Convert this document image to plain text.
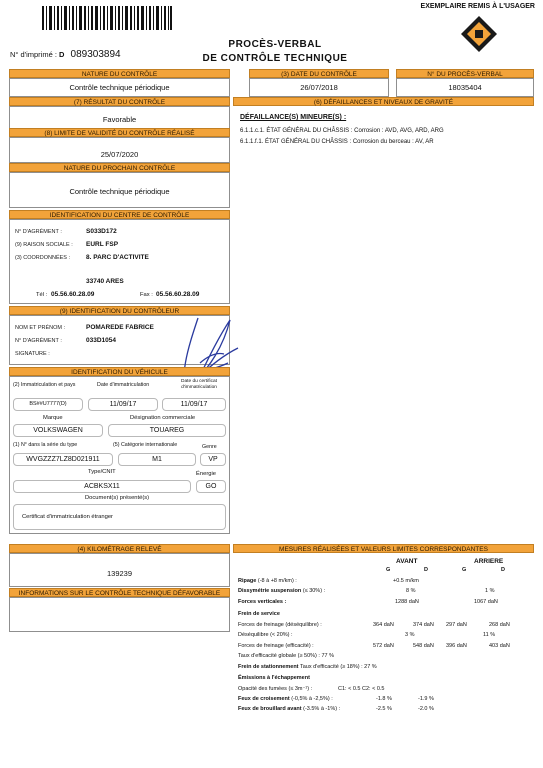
EXEMPLAIRE REMIS À L'USAGER
N° d'imprimé : D 089303894
PROCÈS-VERBAL
DE CONTRÔLE TECHNIQUE
NATURE DU CONTRÔLE
Contrôle technique périodique
(3) DATE DU CONTRÔLE
26/07/2018
N° DU PROCÈS-VERBAL
18035404
(7) RÉSULTAT DU CONTRÔLE
Favorable
(8) LIMITE DE VALIDITÉ DU CONTRÔLE RÉALISÉ
25/07/2020
NATURE DU PROCHAIN CONTRÔLE
Contrôle technique périodique
IDENTIFICATION DU CENTRE DE CONTRÔLE
N° D'AGRÉMENT :	S033D172
(9) RAISON SOCIALE : EURL FSP
(3) COORDONNÉES : 8. PARC D'ACTIVITE
33740 ARES
Tél : 05.56.60.28.09	Fax : 05.56.60.28.09
(9) IDENTIFICATION DU CONTRÔLEUR
NOM ET PRÉNOM :	POMAREDE FABRICE
N° D'AGRÉMENT :	033D1054
SIGNATURE :
IDENTIFICATION DU VÉHICULE
(2) Immatriculation et pays	Date d'immatriculation
Date du certificat d'immatriculation
BS##U7777(D)	11/09/17	11/09/17
Marque	Désignation commerciale
VOLKSWAGEN	TOUAREG
(1) N° dans la série du type	(5) Catégorie internationale	Genre
WVGZZZ7LZ8D021911	M1	VP
Type/CNIT	Énergie
ACBKSX11	GO
Document(s) présenté(s)
Certificat d'immatriculation étranger
(4) KILOMÉTRAGE RELEVÉ
139239
INFORMATIONS SUR LE CONTRÔLE TECHNIQUE DÉFAVORABLE
(6) DÉFAILLANCES ET NIVEAUX DE GRAVITÉ
DÉFAILLANCE(S) MINEURE(S) :
6.1.1.c.1. ÉTAT GÉNÉRAL DU CHÂSSIS : Corrosion : AVD, AVG, ARD, ARG
6.1.1.f.1. ÉTAT GÉNÉRAL DU CHÂSSIS : Corrosion du berceau : AV, AR
MESURES RÉALISÉES ET VALEURS LIMITES CORRESPONDANTES
AVANT	ARRIERE
G	D	G	D
Ripage (-8 à +8 m/km) :	+0.5 m/km
Dissymétrie suspension (≤ 30%) :	8 %	1 %
Forces verticales :	1288 daN	1067 daN
Frein de service
Forces de freinage (déséquilibre) :	364 daN	374 daN 297 daN	268 daN
Déséquilibre (< 20%) :	3 %	11 %
Forces de freinage (efficacité) :	572 daN	548 daN 396 daN	403 daN
Taux d'efficacité globale (≥ 50%) : 77 %
Frein de stationnement Taux d'efficacité (≥ 18%) : 27 %
Émissions à l'échappement
Opacité des fumées (≤ 3m⁻¹) :	C1: < 0.5 C2: < 0.5
Feux de croisement (-0,5% à -2,5%) :	-1.8 %	-1.9 %
Feux de brouillard avant (-3.5% à -1%) :	-2.5 %	-2.0 %
